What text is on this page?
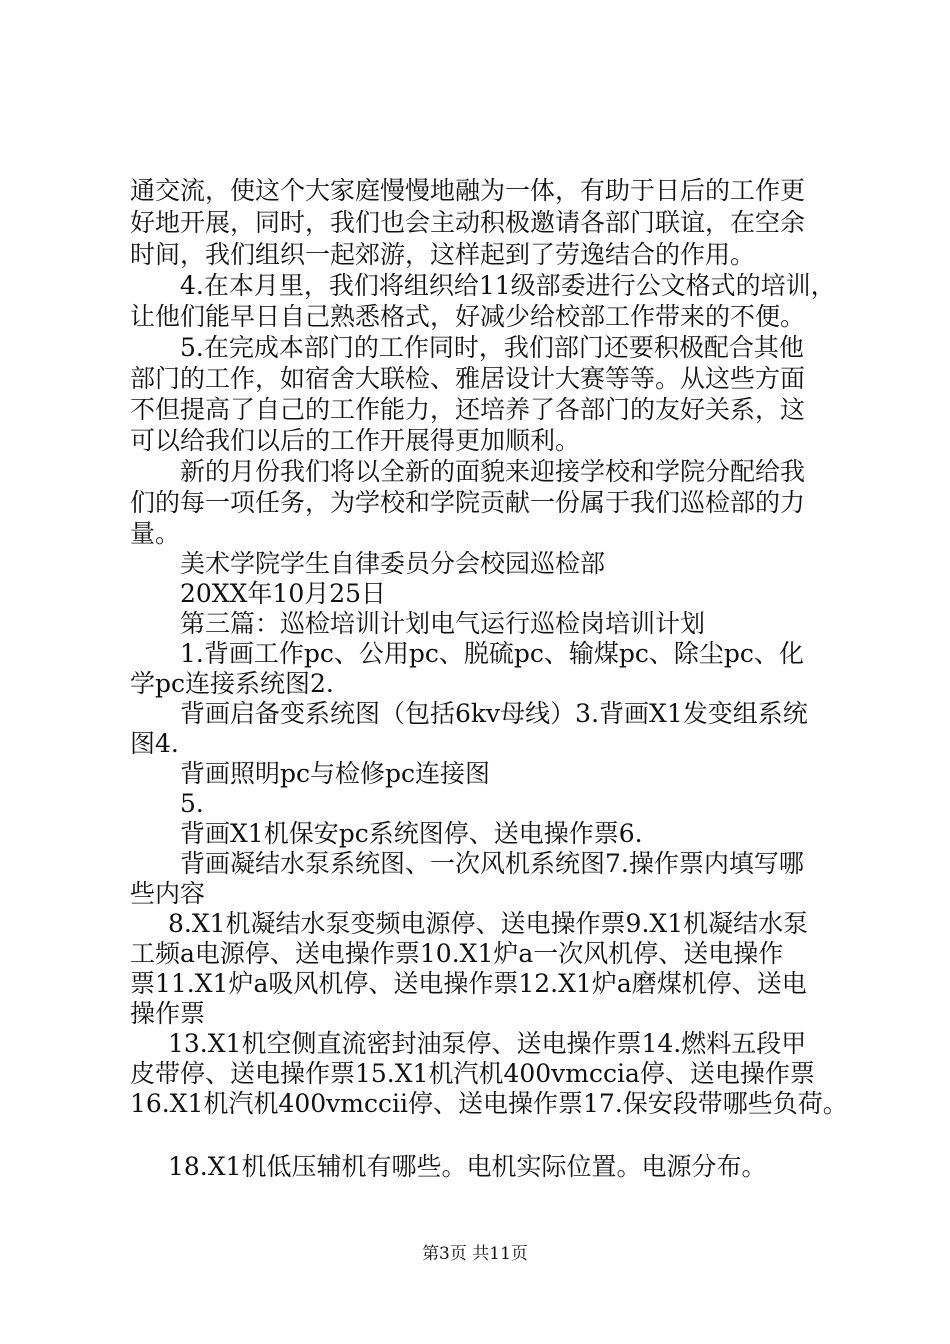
通交流，使这个大家庭慢慢地融为一体，有助于日后的工作更
好地开展，同时，我们也会主动积极邀请各部门联谊，在空余
时间，我们组织一起郊游，这样起到了劳逸结合的作用。
4.在本月里，我们将组织给11级部委进行公文格式的培训，
让他们能早日自己熟悉格式，好减少给校部工作带来的不便。
5.在完成本部门的工作同时，我们部门还要积极配合其他
部门的工作，如宿舍大联检、雅居设计大赛等等。从这些方面
不但提高了自己的工作能力，还培养了各部门的友好关系，这
可以给我们以后的工作开展得更加顺利。
新的月份我们将以全新的面貌来迎接学校和学院分配给我
们的每一项任务，为学校和学院贡献一份属于我们巡检部的力
量。
美术学院学生自律委员分会校园巡检部
20XX年10月25日
第三篇：巡检培训计划电气运行巡检岗培训计划
1.背画工作pc、公用pc、脱硫pc、输煤pc、除尘pc、化
学pc连接系统图2.
背画启备变系统图（包括6kv母线）3.背画X1发变组系统
图4.
背画照明pc与检修pc连接图
5.
背画X1机保安pc系统图停、送电操作票6.
背画凝结水泵系统图、一次风机系统图7.操作票内填写哪
些内容
8.X1机凝结水泵变频电源停、送电操作票9.X1机凝结水泵
工频a电源停、送电操作票10.X1炉a一次风机停、送电操作
票11.X1炉a吸风机停、送电操作票12.X1炉a磨煤机停、送电
操作票
13.X1机空侧直流密封油泵停、送电操作票14.燃料五段甲
皮带停、送电操作票15.X1机汽机400vmccia停、送电操作票
16.X1机汽机400vmccii停、送电操作票17.保安段带哪些负荷。
18.X1机低压辅机有哪些。电机实际位置。电源分布。
第3页 共11页
